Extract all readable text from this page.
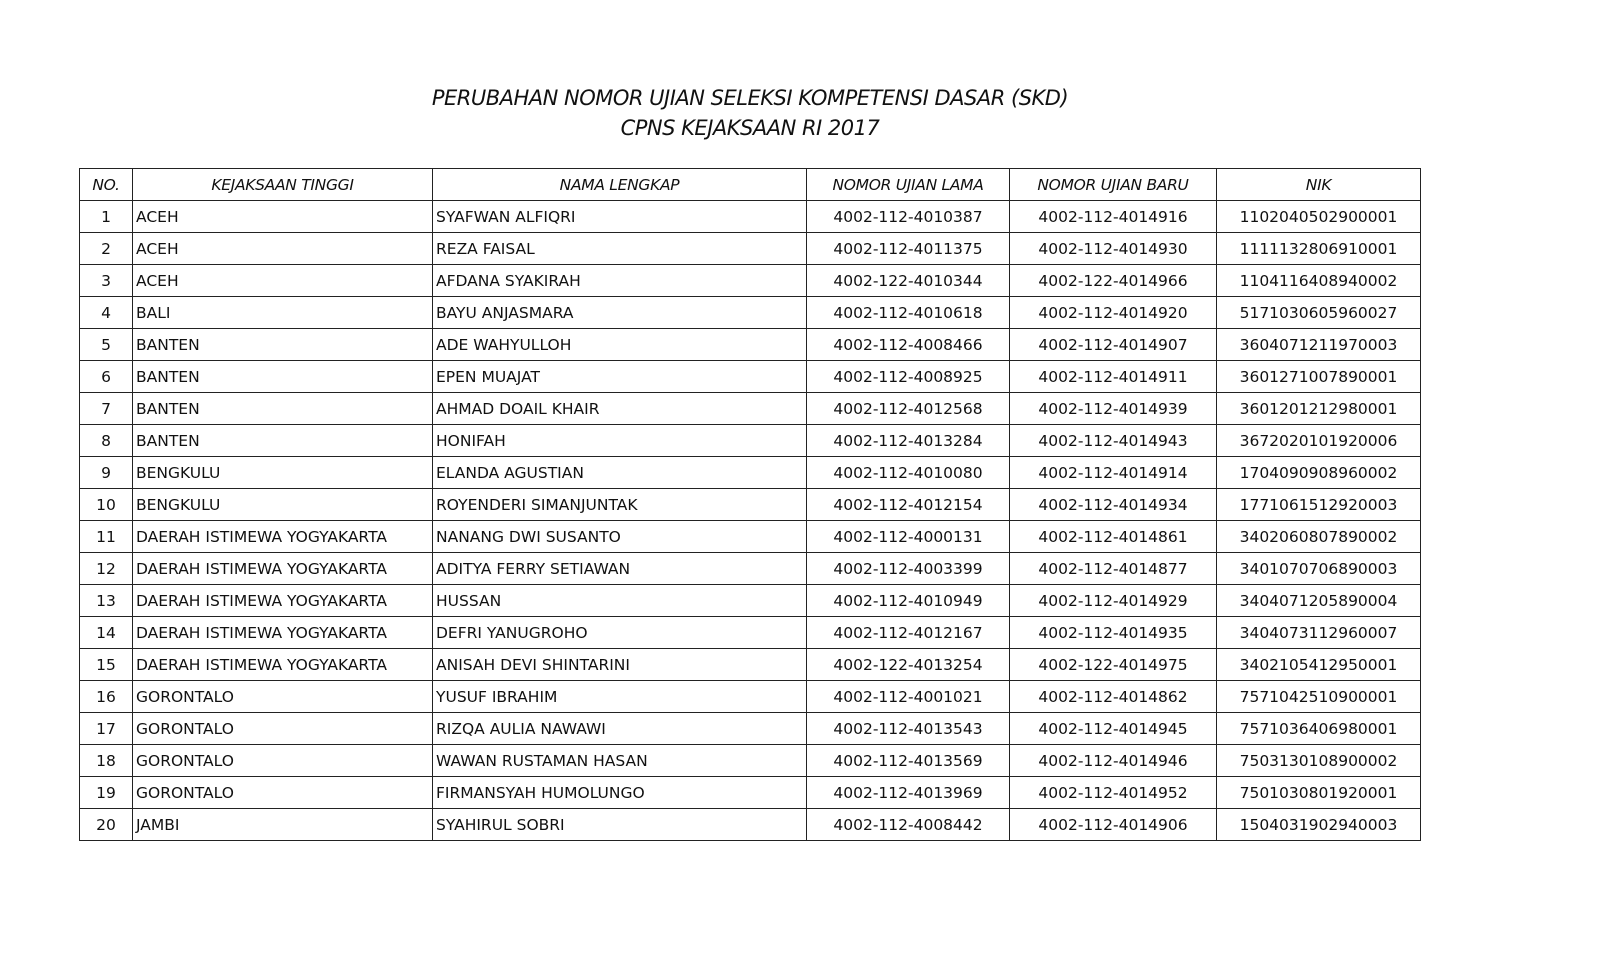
PERUBAHAN NOMOR UJIAN SELEKSI KOMPETENSI DASAR (SKD)
CPNS KEJAKSAAN RI 2017
NO.	KEJAKSAAN TINGGI	NAMA LENGKAP	NOMOR UJIAN LAMA	NOMOR UJIAN BARU	NIK
1	ACEH	SYAFWAN ALFIQRI	4002-112-4010387	4002-112-4014916	1102040502900001
2	ACEH	REZA FAISAL	4002-112-4011375	4002-112-4014930	1111132806910001
3	ACEH	AFDANA SYAKIRAH	4002-122-4010344	4002-122-4014966	1104116408940002
4	BALI	BAYU ANJASMARA	4002-112-4010618	4002-112-4014920	5171030605960027
5	BANTEN	ADE WAHYULLOH	4002-112-4008466	4002-112-4014907	3604071211970003
6	BANTEN	EPEN MUAJAT	4002-112-4008925	4002-112-4014911	3601271007890001
7	BANTEN	AHMAD DOAIL KHAIR	4002-112-4012568	4002-112-4014939	3601201212980001
8	BANTEN	HONIFAH	4002-112-4013284	4002-112-4014943	3672020101920006
9	BENGKULU	ELANDA AGUSTIAN	4002-112-4010080	4002-112-4014914	1704090908960002
10	BENGKULU	ROYENDERI SIMANJUNTAK	4002-112-4012154	4002-112-4014934	1771061512920003
11	DAERAH ISTIMEWA YOGYAKARTA	NANANG DWI SUSANTO	4002-112-4000131	4002-112-4014861	3402060807890002
12	DAERAH ISTIMEWA YOGYAKARTA	ADITYA FERRY SETIAWAN	4002-112-4003399	4002-112-4014877	3401070706890003
13	DAERAH ISTIMEWA YOGYAKARTA	HUSSAN	4002-112-4010949	4002-112-4014929	3404071205890004
14	DAERAH ISTIMEWA YOGYAKARTA	DEFRI YANUGROHO	4002-112-4012167	4002-112-4014935	3404073112960007
15	DAERAH ISTIMEWA YOGYAKARTA	ANISAH DEVI SHINTARINI	4002-122-4013254	4002-122-4014975	3402105412950001
16	GORONTALO	YUSUF IBRAHIM	4002-112-4001021	4002-112-4014862	7571042510900001
17	GORONTALO	RIZQA AULIA NAWAWI	4002-112-4013543	4002-112-4014945	7571036406980001
18	GORONTALO	WAWAN RUSTAMAN HASAN	4002-112-4013569	4002-112-4014946	7503130108900002
19	GORONTALO	FIRMANSYAH HUMOLUNGO	4002-112-4013969	4002-112-4014952	7501030801920001
20	JAMBI	SYAHIRUL SOBRI	4002-112-4008442	4002-112-4014906	1504031902940003
